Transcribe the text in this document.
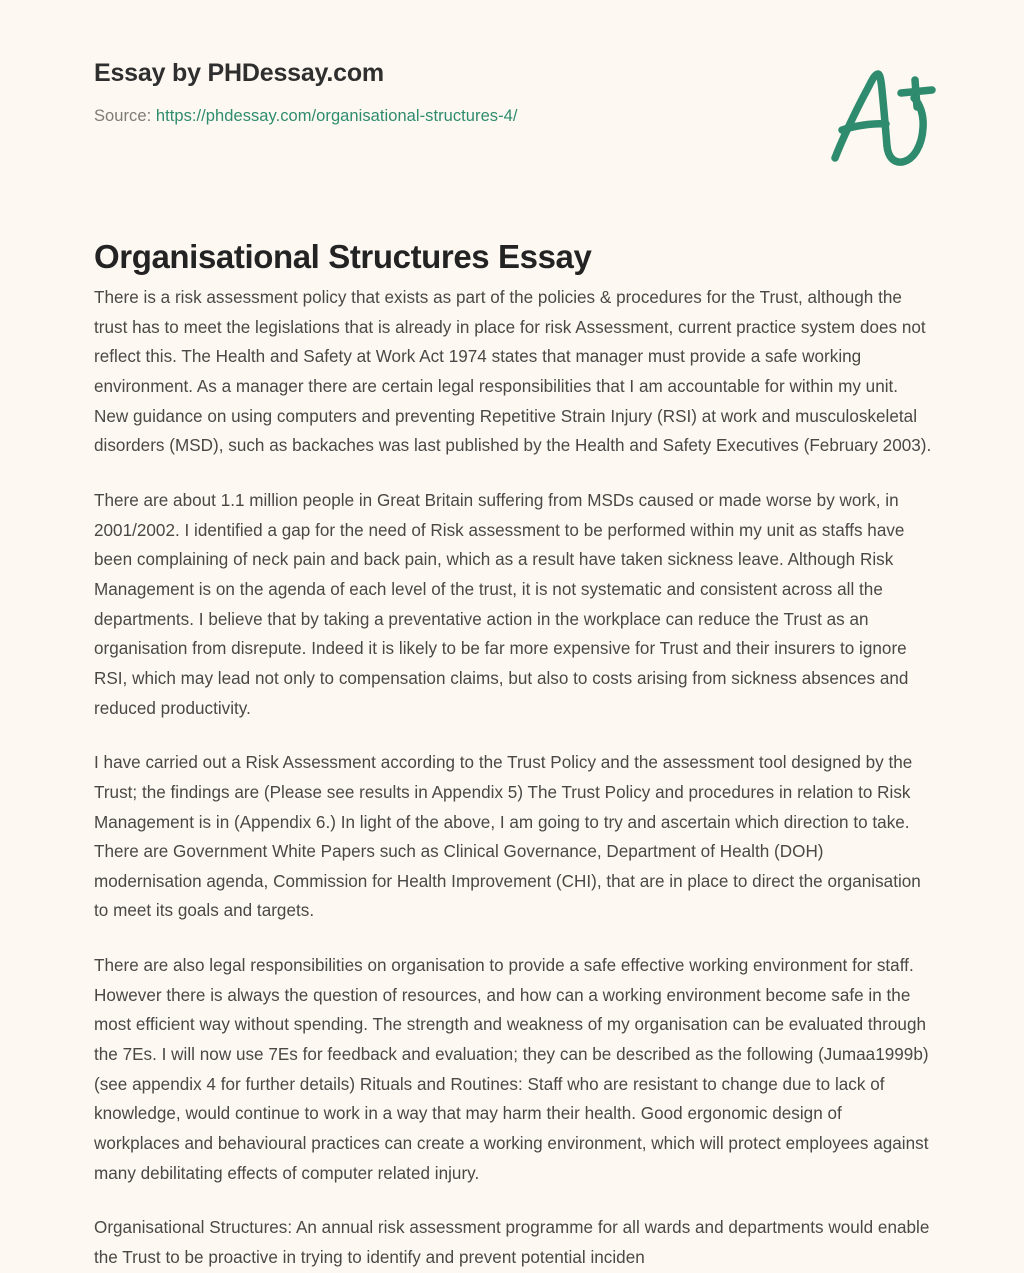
Essay by PHDessay.com
Source: https://phdessay.com/organisational-structures-4/
Organisational Structures Essay

There is a risk assessment policy that exists as part of the policies & procedures for the Trust, although the trust has to meet the legislations that is already in place for risk Assessment, current practice system does not reflect this. The Health and Safety at Work Act 1974 states that manager must provide a safe working environment. As a manager there are certain legal responsibilities that I am accountable for within my unit. New guidance on using computers and preventing Repetitive Strain Injury (RSI) at work and musculoskeletal disorders (MSD), such as backaches was last published by the Health and Safety Executives (February 2003).

There are about 1.1 million people in Great Britain suffering from MSDs caused or made worse by work, in 2001/2002. I identified a gap for the need of Risk assessment to be performed within my unit as staffs have been complaining of neck pain and back pain, which as a result have taken sickness leave. Although Risk Management is on the agenda of each level of the trust, it is not systematic and consistent across all the departments. I believe that by taking a preventative action in the workplace can reduce the Trust as an organisation from disrepute. Indeed it is likely to be far more expensive for Trust and their insurers to ignore RSI, which may lead not only to compensation claims, but also to costs arising from sickness absences and reduced productivity.

I have carried out a Risk Assessment according to the Trust Policy and the assessment tool designed by the Trust; the findings are (Please see results in Appendix 5) The Trust Policy and procedures in relation to Risk Management is in (Appendix 6.) In light of the above, I am going to try and ascertain which direction to take. There are Government White Papers such as Clinical Governance, Department of Health (DOH) modernisation agenda, Commission for Health Improvement (CHI), that are in place to direct the organisation to meet its goals and targets.

There are also legal responsibilities on organisation to provide a safe effective working environment for staff. However there is always the question of resources, and how can a working environment become safe in the most efficient way without spending. The strength and weakness of my organisation can be evaluated through the 7Es. I will now use 7Es for feedback and evaluation; they can be described as the following (Jumaa1999b) (see appendix 4 for further details) Rituals and Routines: Staff who are resistant to change due to lack of knowledge, would continue to work in a way that may harm their health. Good ergonomic design of workplaces and behavioural practices can create a working environment, which will protect employees against many debilitating effects of computer related injury.

Organisational Structures: An annual risk assessment programme for all wards and departments would enable the Trust to be proactive in trying to identify and prevent potential inciden
